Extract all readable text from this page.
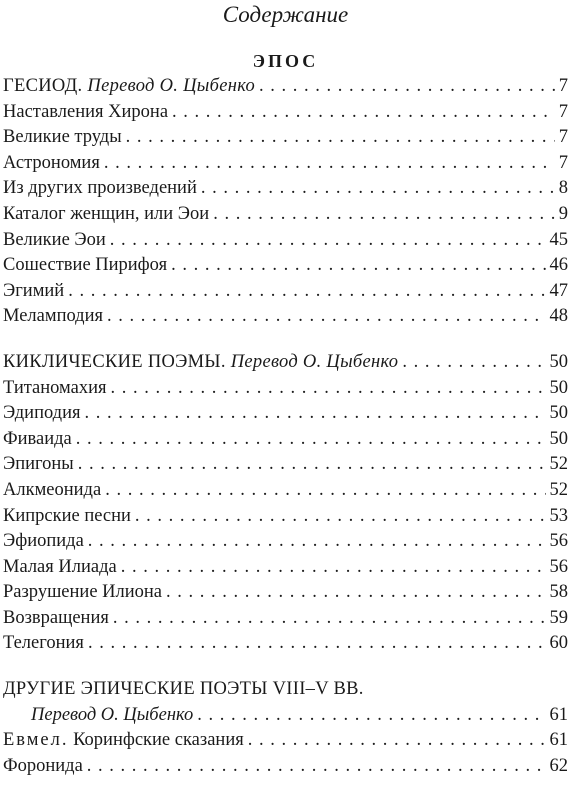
Содержание
ЭПОС
ГЕСИОД. Перевод О. Цыбенко . . .	7
Наставления Хирона . . .	7
Великие труды . . .	7
Астрономия . . .	7
Из других произведений . . .	8
Каталог женщин, или Эои . . .	9
Великие Эои . . .	45
Сошествие Пирифоя . . .	46
Эгимий . . .	47
Меламподия . . .	48
КИКЛИЧЕСКИЕ ПОЭМЫ. Перевод О. Цыбенко . . .	50
Титаномахия . . .	50
Эдиподия . . .	50
Фиваида . . .	50
Эпигоны . . .	52
Алкмеонида . . .	52
Кипрские песни . . .	53
Эфиопида . . .	56
Малая Илиада . . .	56
Разрушение Илиона . . .	58
Возвращения . . .	59
Телегония . . .	60
ДРУГИЕ ЭПИЧЕСКИЕ ПОЭТЫ VIII–V ВВ.
Перевод О. Цыбенко . . .	61
Евмел. Коринфские сказания . . .	61
Форонида . . .	62
